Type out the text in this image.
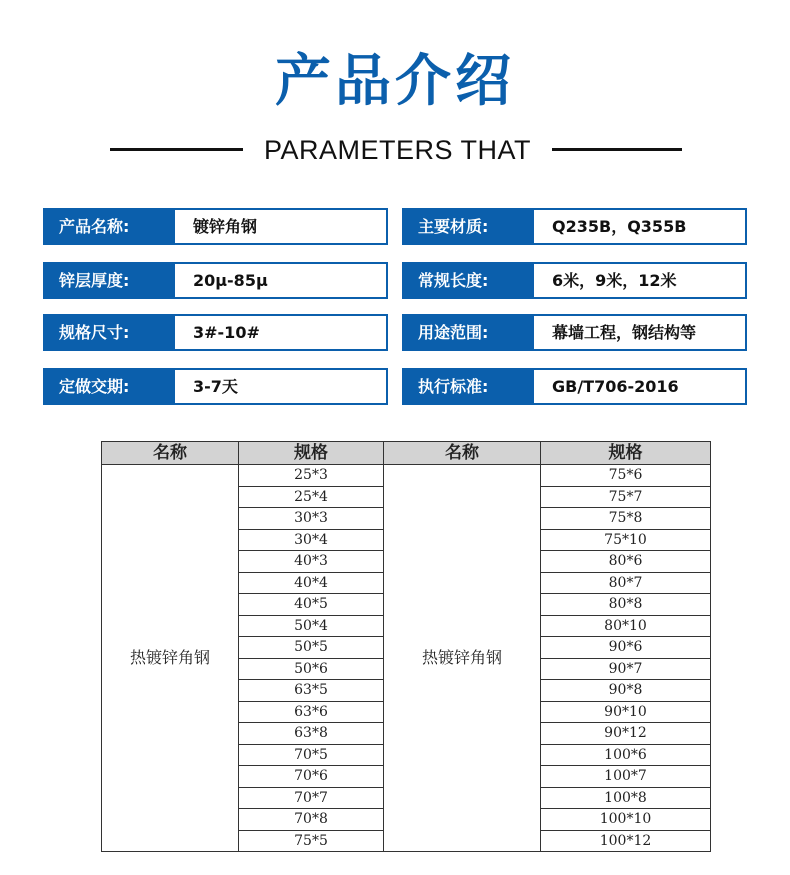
产品介绍
PARAMETERS THAT
产品名称:	镀锌角钢	主要材质:	Q235B，Q355B
锌层厚度:	20μ-85μ	常规长度:	6米，9米，12米
规格尺寸:	3#-10#	用途范围:	幕墙工程，钢结构等
定做交期:	3-7天	执行标准:	GB/T706-2016
名称	规格	名称	规格
热镀锌角钢	25*3	热镀锌角钢	75*6
	25*4		75*7
	30*3		75*8
	30*4		75*10
	40*3		80*6
	40*4		80*7
	40*5		80*8
	50*4		80*10
	50*5		90*6
	50*6		90*7
	63*5		90*8
	63*6		90*10
	63*8		90*12
	70*5		100*6
	70*6		100*7
	70*7		100*8
	70*8		100*10
	75*5		100*12
